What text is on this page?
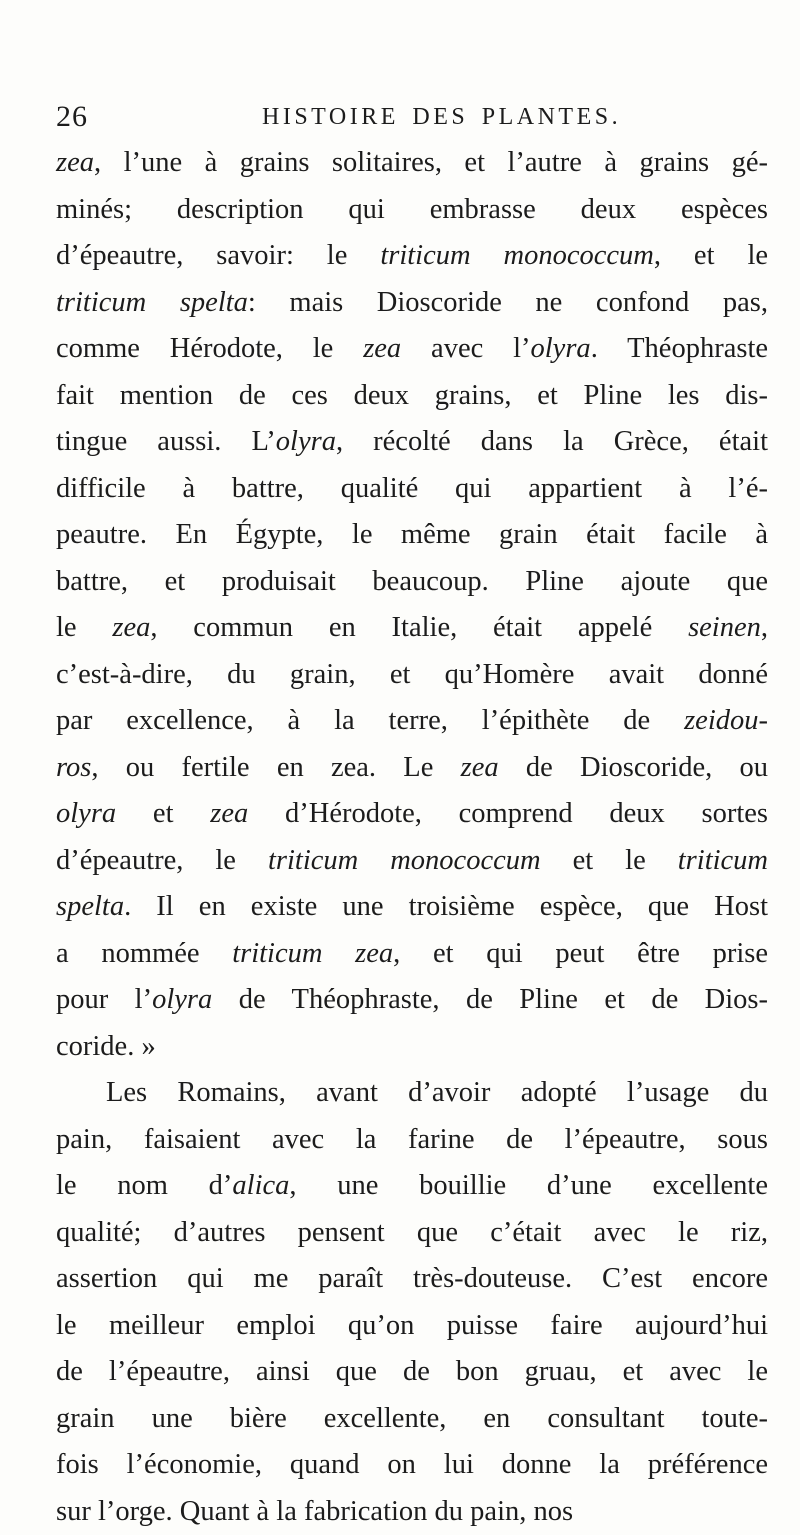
26	HISTOIRE DES PLANTES.
zea, l’une à grains solitaires, et l’autre à grains gé-
minés; description qui embrasse deux espèces
d’épeautre, savoir: le triticum monococcum, et le
triticum spelta: mais Dioscoride ne confond pas,
comme Hérodote, le zea avec l’olyra. Théophraste
fait mention de ces deux grains, et Pline les dis-
tingue aussi. L’olyra, récolté dans la Grèce, était
difficile à battre, qualité qui appartient à l’é-
peautre. En Égypte, le même grain était facile à
battre, et produisait beaucoup. Pline ajoute que
le zea, commun en Italie, était appelé seinen,
c’est-à-dire, du grain, et qu’Homère avait donné
par excellence, à la terre, l’épithète de zeidou-
ros, ou fertile en zea. Le zea de Dioscoride, ou
olyra et zea d’Hérodote, comprend deux sortes
d’épeautre, le triticum monococcum et le triticum
spelta. Il en existe une troisième espèce, que Host
a nommée triticum zea, et qui peut être prise
pour l’olyra de Théophraste, de Pline et de Dios-
coride. »
Les Romains, avant d’avoir adopté l’usage du
pain, faisaient avec la farine de l’épeautre, sous
le nom d’alica, une bouillie d’une excellente
qualité; d’autres pensent que c’était avec le riz,
assertion qui me paraît très-douteuse. C’est encore
le meilleur emploi qu’on puisse faire aujourd’hui
de l’épeautre, ainsi que de bon gruau, et avec le
grain une bière excellente, en consultant toute-
fois l’économie, quand on lui donne la préférence
sur l’orge. Quant à la fabrication du pain, nos
